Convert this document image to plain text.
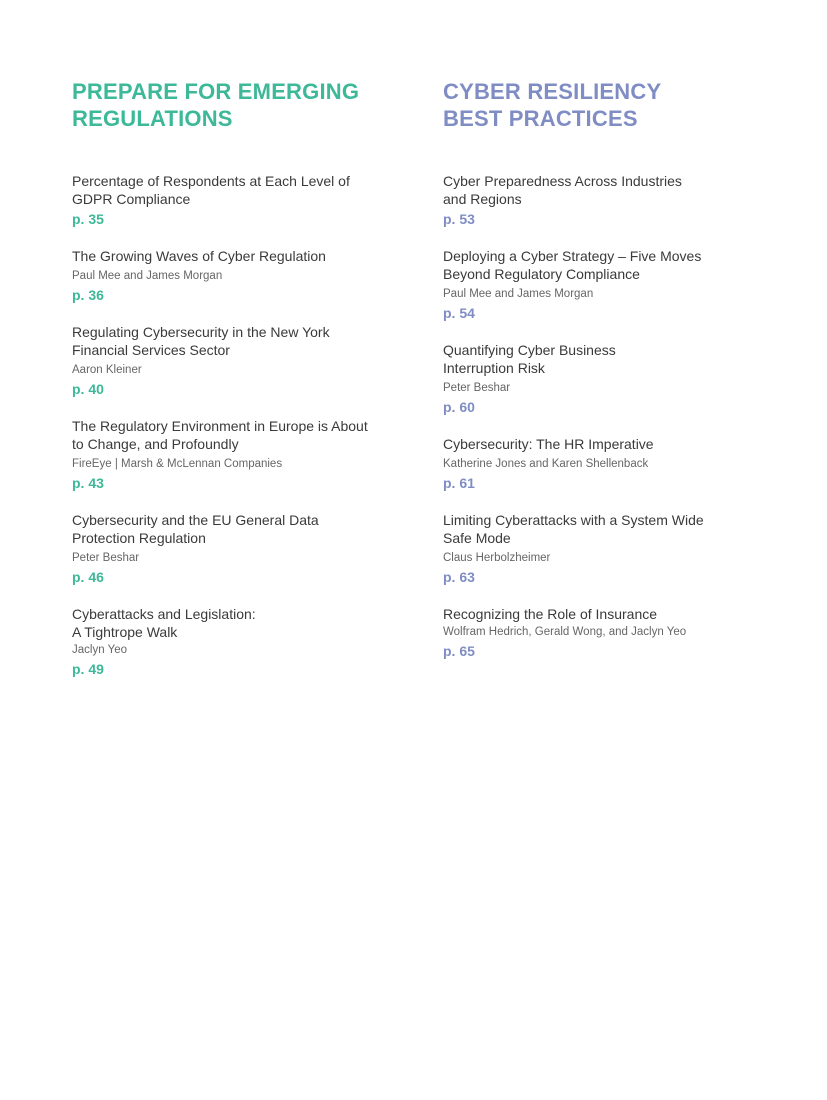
PREPARE FOR EMERGING
REGULATIONS
Percentage of Respondents at Each Level of
GDPR Compliance
p. 35
The Growing Waves of Cyber Regulation
Paul Mee and James Morgan
p. 36
Regulating Cybersecurity in the New York
Financial Services Sector
Aaron Kleiner
p. 40
The Regulatory Environment in Europe is About
to Change, and Profoundly
FireEye | Marsh & McLennan Companies
p. 43
Cybersecurity and the EU General Data
Protection Regulation
Peter Beshar
p. 46
Cyberattacks and Legislation:
A Tightrope Walk
Jaclyn Yeo
p. 49
CYBER RESILIENCY
BEST PRACTICES
Cyber Preparedness Across Industries
and Regions
p. 53
Deploying a Cyber Strategy – Five Moves
Beyond Regulatory Compliance
Paul Mee and James Morgan
p. 54
Quantifying Cyber Business
Interruption Risk
Peter Beshar
p. 60
Cybersecurity: The HR Imperative
Katherine Jones and Karen Shellenback
p. 61
Limiting Cyberattacks with a System Wide
Safe Mode
Claus Herbolzheimer
p. 63
Recognizing the Role of Insurance
Wolfram Hedrich, Gerald Wong, and Jaclyn Yeo
p. 65
